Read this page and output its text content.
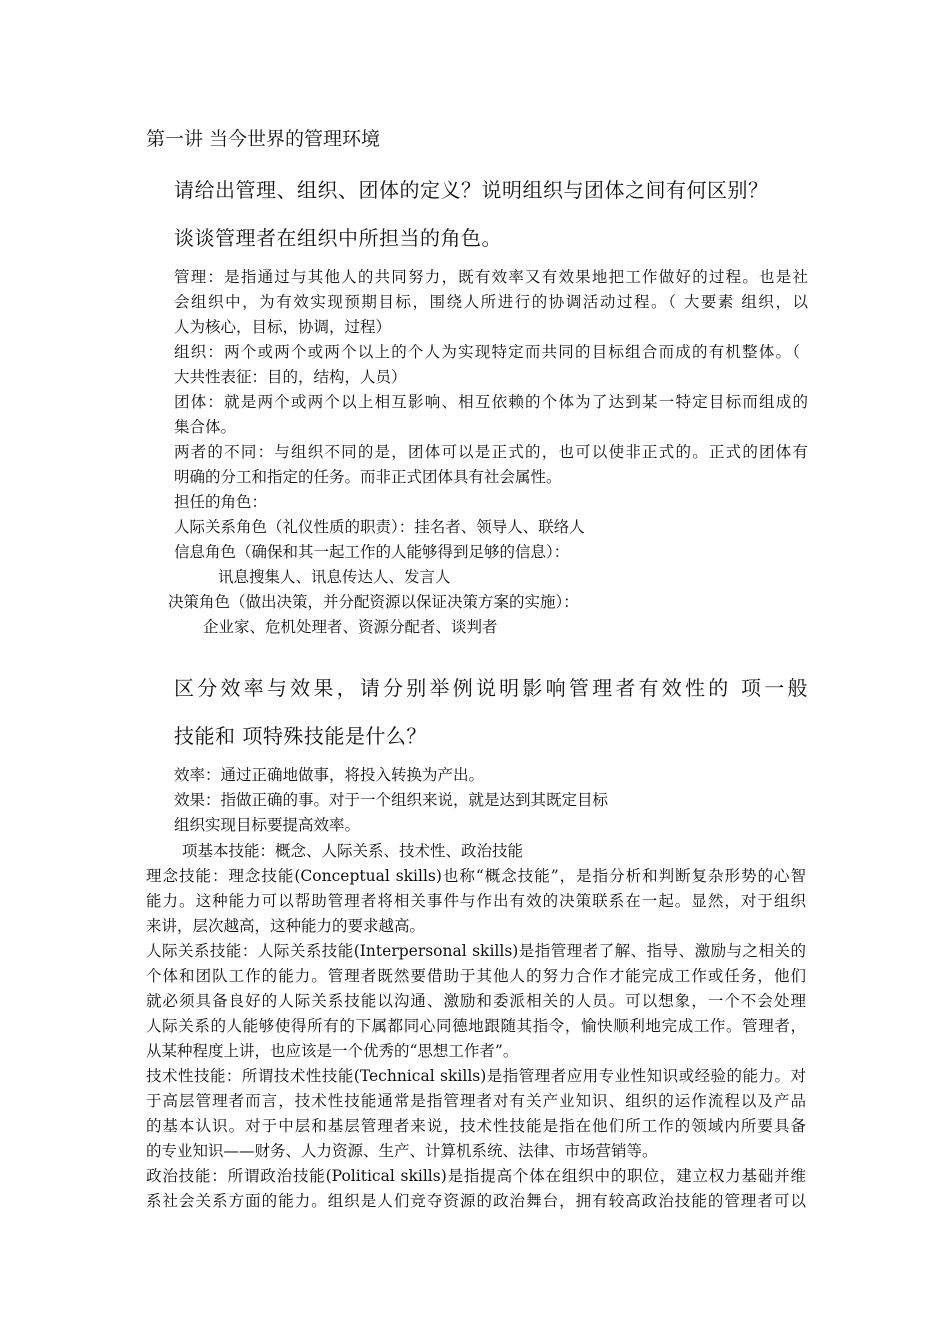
第一讲 当今世界的管理环境
请给出管理、组织、团体的定义？说明组织与团体之间有何区别？
谈谈管理者在组织中所担当的角色。
管理：是指通过与其他人的共同努力，既有效率又有效果地把工作做好的过程。也是社
会组织中，为有效实现预期目标，围绕人所进行的协调活动过程。（ 大要素 组织，以
人为核心，目标，协调，过程）
组织：两个或两个或两个以上的个人为实现特定而共同的目标组合而成的有机整体。（
大共性表征：目的，结构，人员）
团体：就是两个或两个以上相互影响、相互依赖的个体为了达到某一特定目标而组成的
集合体。
两者的不同：与组织不同的是，团体可以是正式的，也可以使非正式的。正式的团体有
明确的分工和指定的任务。而非正式团体具有社会属性。
担任的角色：
人际关系角色（礼仪性质的职责）：挂名者、领导人、联络人
信息角色（确保和其一起工作的人能够得到足够的信息）：
讯息搜集人、讯息传达人、发言人
决策角色（做出决策，并分配资源以保证决策方案的实施）：
企业家、危机处理者、资源分配者、谈判者
区分效率与效果，请分别举例说明影响管理者有效性的 项一般
技能和 项特殊技能是什么？
效率：通过正确地做事，将投入转换为产出。
效果：指做正确的事。对于一个组织来说，就是达到其既定目标
组织实现目标要提高效率。
项基本技能：概念、人际关系、技术性、政治技能
理念技能：理念技能(Conceptual skills)也称“概念技能”，是指分析和判断复杂形势的心智
能力。这种能力可以帮助管理者将相关事件与作出有效的决策联系在一起。显然，对于组织
来讲，层次越高，这种能力的要求越高。
人际关系技能：人际关系技能(Interpersonal skills)是指管理者了解、指导、激励与之相关的
个体和团队工作的能力。管理者既然要借助于其他人的努力合作才能完成工作或任务，他们
就必须具备良好的人际关系技能以沟通、激励和委派相关的人员。可以想象，一个不会处理
人际关系的人能够使得所有的下属都同心同德地跟随其指令，愉快顺利地完成工作。管理者，
从某种程度上讲，也应该是一个优秀的“思想工作者”。
技术性技能：所谓技术性技能(Technical skills)是指管理者应用专业性知识或经验的能力。对
于高层管理者而言，技术性技能通常是指管理者对有关产业知识、组织的运作流程以及产品
的基本认识。对于中层和基层管理者来说，技术性技能是指在他们所工作的领域内所要具备
的专业知识——财务、人力资源、生产、计算机系统、法律、市场营销等。
政治技能：所谓政治技能(Political skills)是指提高个体在组织中的职位，建立权力基础并维
系社会关系方面的能力。组织是人们竞夺资源的政治舞台，拥有较高政治技能的管理者可以
